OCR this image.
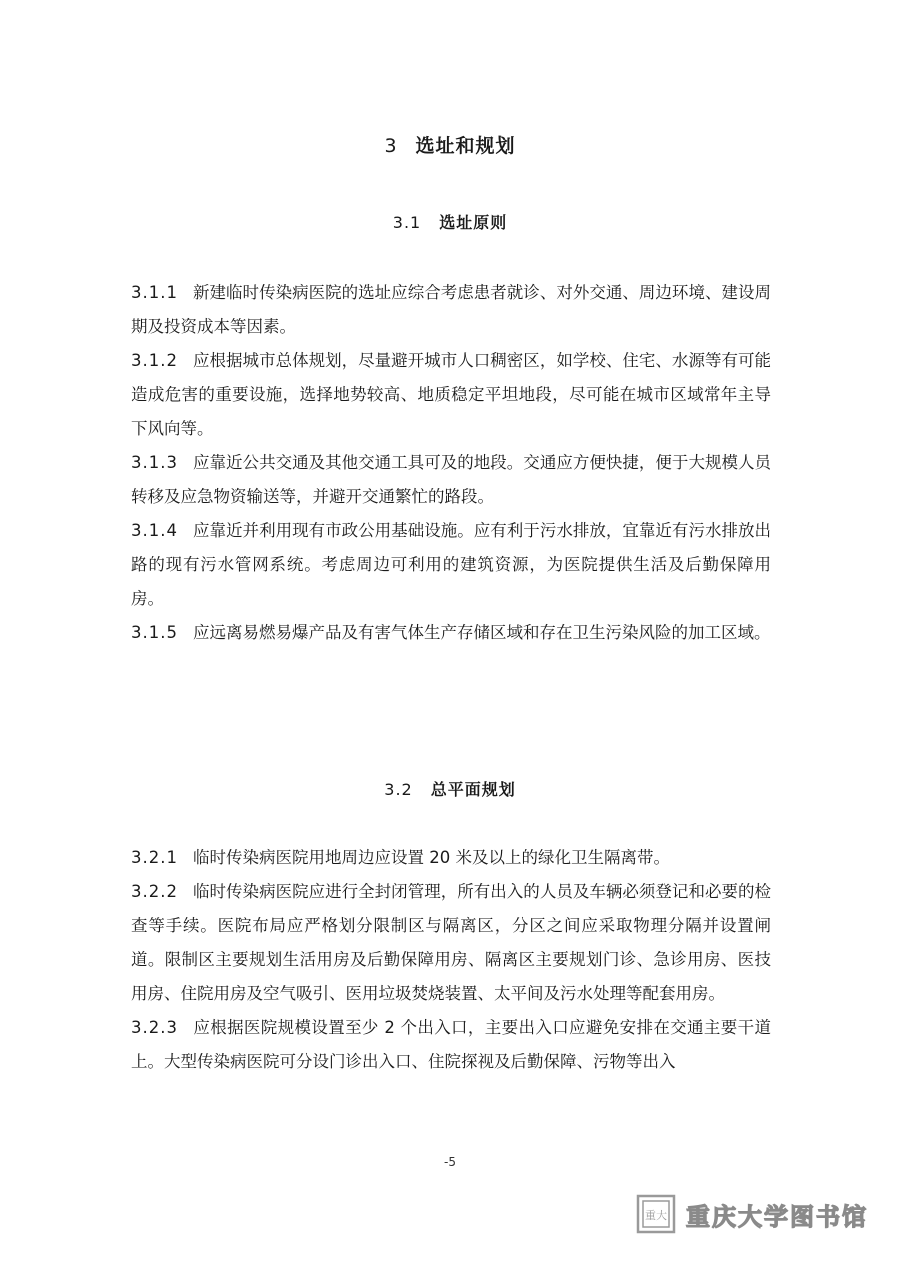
3 选址和规划
3.1 选址原则

3.1.1 新建临时传染病医院的选址应综合考虑患者就诊、对外交通、周边环境、建设周期及投资成本等因素。

3.1.2 应根据城市总体规划，尽量避开城市人口稠密区，如学校、住宅、水源等有可能造成危害的重要设施，选择地势较高、地质稳定平坦地段，尽可能在城市区域常年主导下风向等。

3.1.3 应靠近公共交通及其他交通工具可及的地段。交通应方便快捷，便于大规模人员转移及应急物资输送等，并避开交通繁忙的路段。

3.1.4 应靠近并利用现有市政公用基础设施。应有利于污水排放，宜靠近有污水排放出路的现有污水管网系统。考虑周边可利用的建筑资源，为医院提供生活及后勤保障用房。

3.1.5 应远离易燃易爆产品及有害气体生产存储区域和存在卫生污染风险的加工区域。

3.2 总平面规划

3.2.1 临时传染病医院用地周边应设置 20 米及以上的绿化卫生隔离带。

3.2.2 临时传染病医院应进行全封闭管理，所有出入的人员及车辆必须登记和必要的检查等手续。医院布局应严格划分限制区与隔离区，分区之间应采取物理分隔并设置闸道。限制区主要规划生活用房及后勤保障用房、隔离区主要规划门诊、急诊用房、医技用房、住院用房及空气吸引、医用垃圾焚烧装置、太平间及污水处理等配套用房。

3.2.3 应根据医院规模设置至少 2 个出入口，主要出入口应避免安排在交通主要干道上。大型传染病医院可分设门诊出入口、住院探视及后勤保障、污物等出入

-5
重大 重庆大学图书馆
